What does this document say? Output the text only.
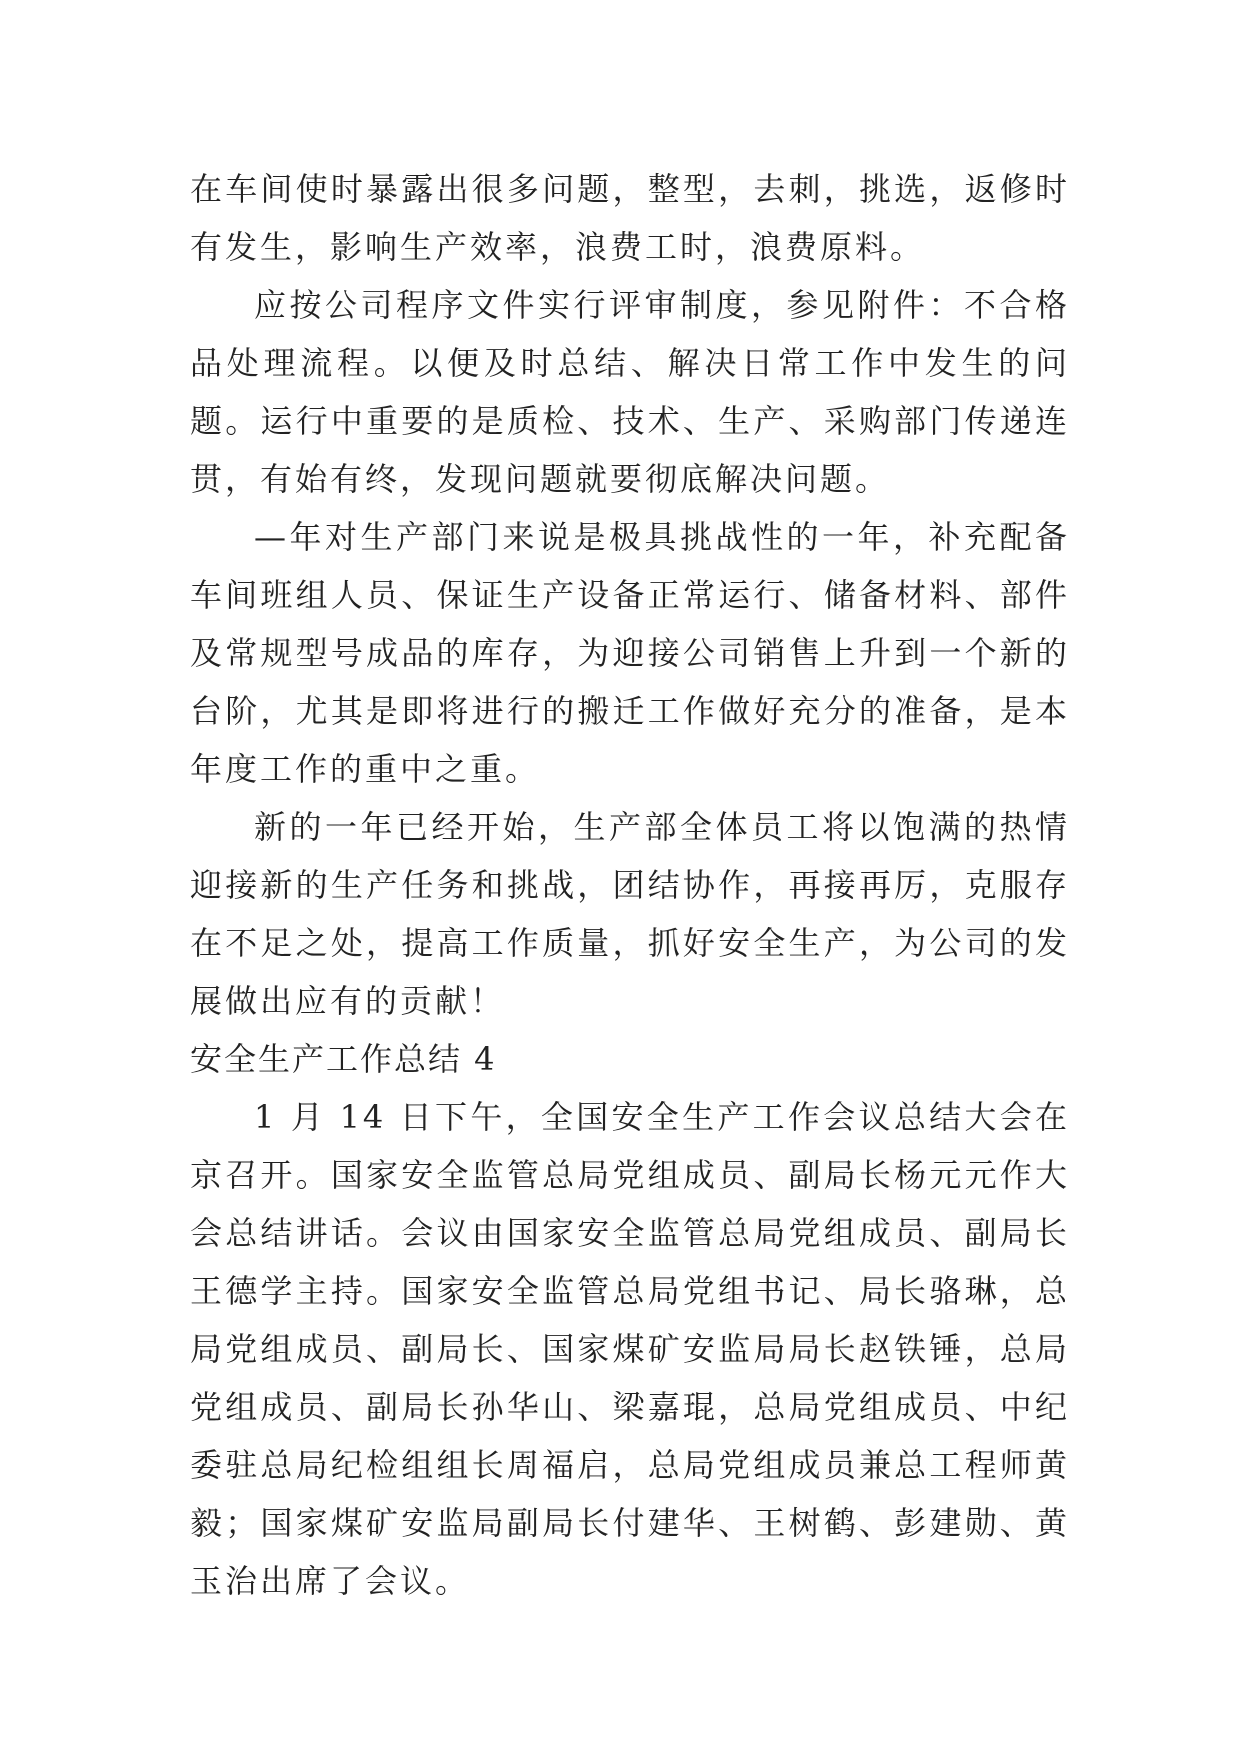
在车间使时暴露出很多问题，整型，去刺，挑选，返修时有发生，影响生产效率，浪费工时，浪费原料。

应按公司程序文件实行评审制度，参见附件：不合格品处理流程。以便及时总结、解决日常工作中发生的问题。运行中重要的是质检、技术、生产、采购部门传递连贯，有始有终，发现问题就要彻底解决问题。

—年对生产部门来说是极具挑战性的一年，补充配备车间班组人员、保证生产设备正常运行、储备材料、部件及常规型号成品的库存，为迎接公司销售上升到一个新的台阶，尤其是即将进行的搬迁工作做好充分的准备，是本年度工作的重中之重。

新的一年已经开始，生产部全体员工将以饱满的热情迎接新的生产任务和挑战，团结协作，再接再厉，克服存在不足之处，提高工作质量，抓好安全生产，为公司的发展做出应有的贡献！

安全生产工作总结 4

1 月 14 日下午，全国安全生产工作会议总结大会在京召开。国家安全监管总局党组成员、副局长杨元元作大会总结讲话。会议由国家安全监管总局党组成员、副局长王德学主持。国家安全监管总局党组书记、局长骆琳，总局党组成员、副局长、国家煤矿安监局局长赵铁锤，总局党组成员、副局长孙华山、梁嘉琨，总局党组成员、中纪委驻总局纪检组组长周福启，总局党组成员兼总工程师黄毅；国家煤矿安监局副局长付建华、王树鹤、彭建勋、黄玉治出席了会议。
